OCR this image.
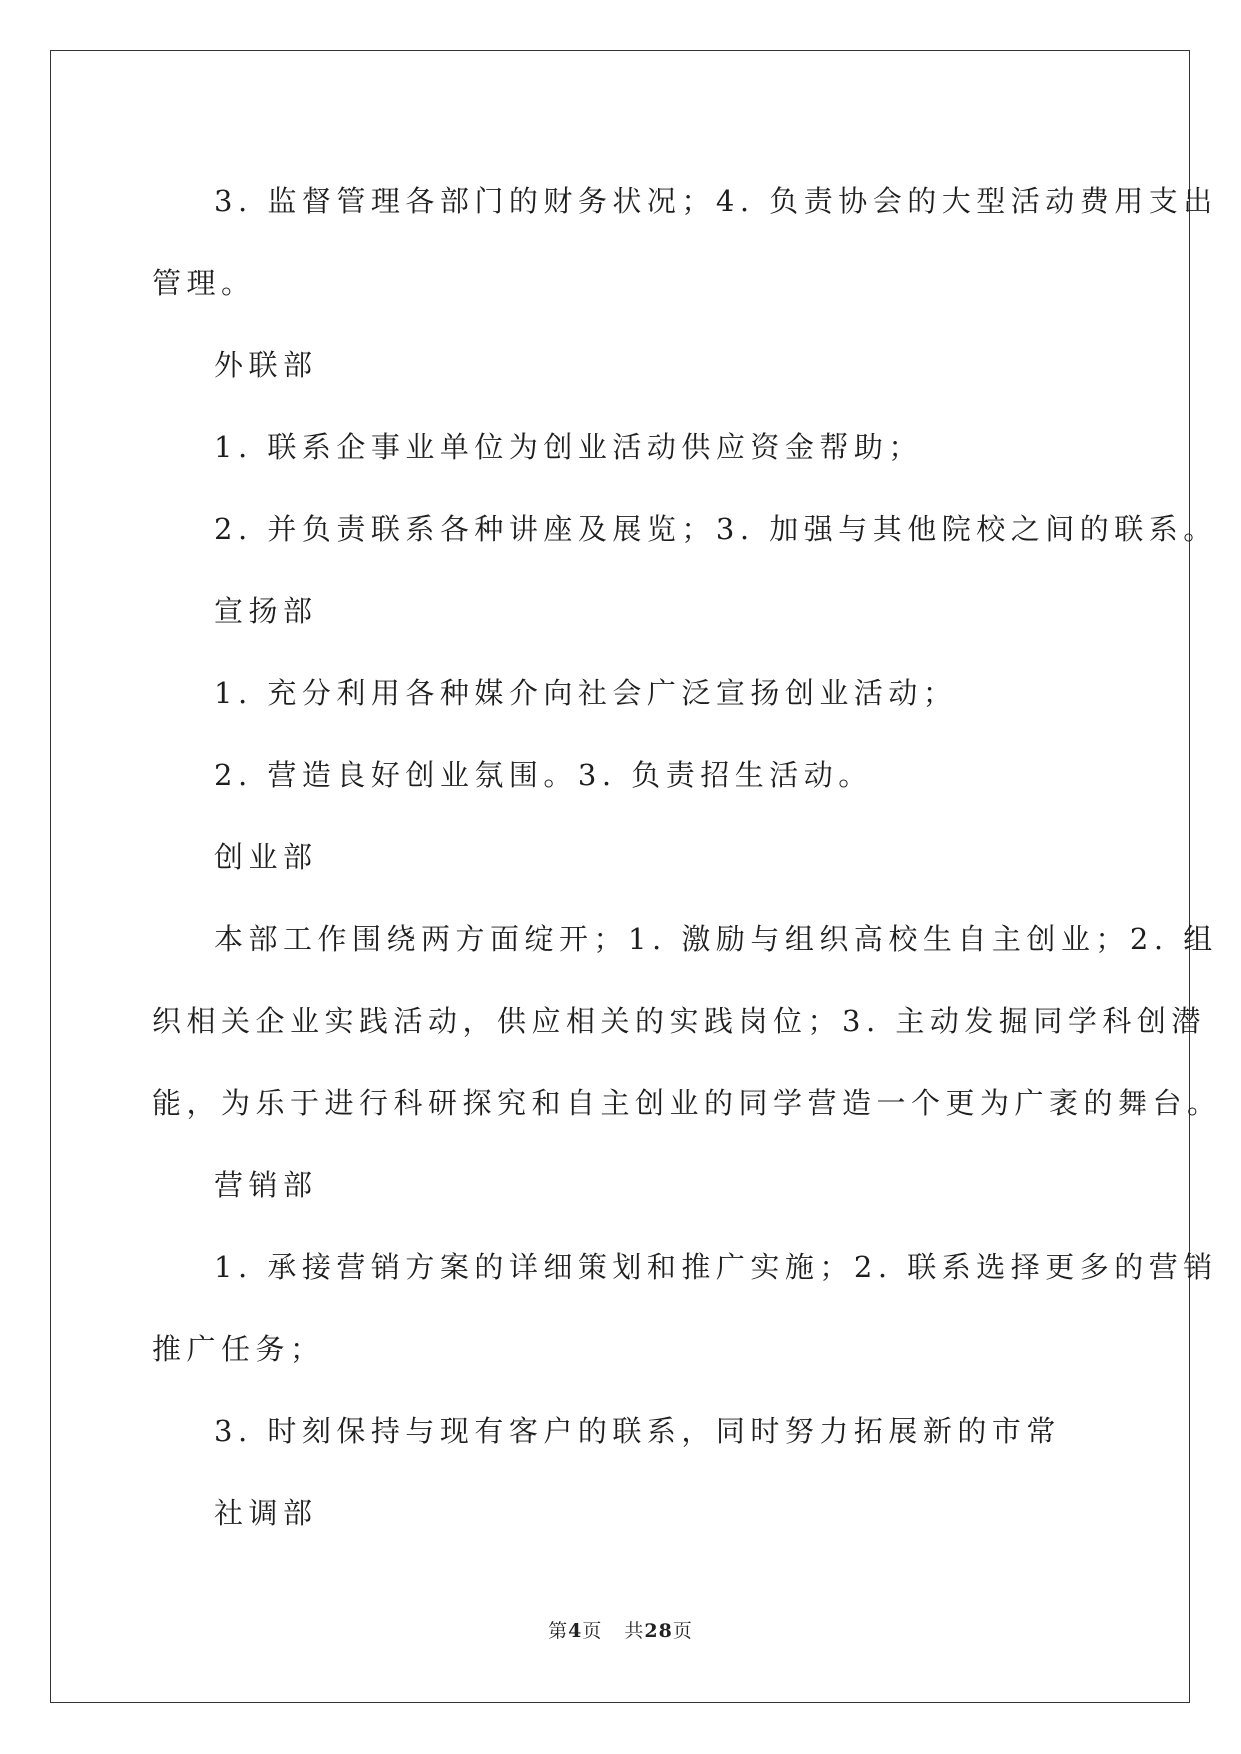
3. 监督管理各部门的财务状况；4. 负责协会的大型活动费用支出

管理。

外联部

1. 联系企事业单位为创业活动供应资金帮助；

2. 并负责联系各种讲座及展览；3. 加强与其他院校之间的联系。

宣扬部

1. 充分利用各种媒介向社会广泛宣扬创业活动；

2. 营造良好创业氛围。3. 负责招生活动。

创业部

本部工作围绕两方面绽开；1. 激励与组织高校生自主创业；2. 组

织相关企业实践活动，供应相关的实践岗位；3. 主动发掘同学科创潜

能，为乐于进行科研探究和自主创业的同学营造一个更为广袤的舞台。

营销部

1. 承接营销方案的详细策划和推广实施；2. 联系选择更多的营销

推广任务；

3. 时刻保持与现有客户的联系，同时努力拓展新的市常

社调部

第4页 共28页
